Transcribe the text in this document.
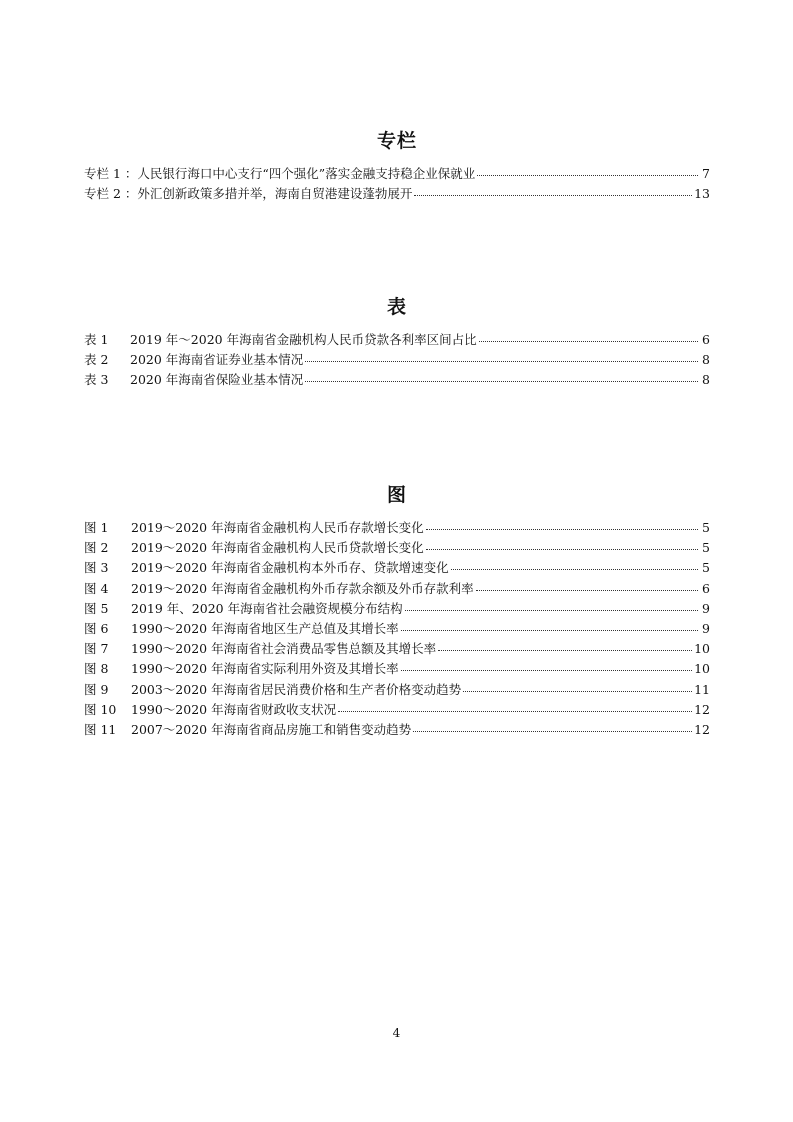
专栏
专栏 1 ： 人民银行海口中心支行“四个强化”落实金融支持稳企业保就业	7
专栏 2 ： 外汇创新政策多措并举，海南自贸港建设蓬勃展开	13
表
表 1	2019 年～2020 年海南省金融机构人民币贷款各利率区间占比	6
表 2	2020 年海南省证券业基本情况	8
表 3	2020 年海南省保险业基本情况	8
图
图 1	2019～2020 年海南省金融机构人民币存款增长变化	5
图 2	2019～2020 年海南省金融机构人民币贷款增长变化	5
图 3	2019～2020 年海南省金融机构本外币存、贷款增速变化	5
图 4	2019～2020 年海南省金融机构外币存款余额及外币存款利率	6
图 5	2019 年、2020 年海南省社会融资规模分布结构	9
图 6	1990～2020 年海南省地区生产总值及其增长率	9
图 7	1990～2020 年海南省社会消费品零售总额及其增长率	10
图 8	1990～2020 年海南省实际利用外资及其增长率	10
图 9	2003～2020 年海南省居民消费价格和生产者价格变动趋势	11
图 10	1990～2020 年海南省财政收支状况	12
图 11	2007～2020 年海南省商品房施工和销售变动趋势	12
4
